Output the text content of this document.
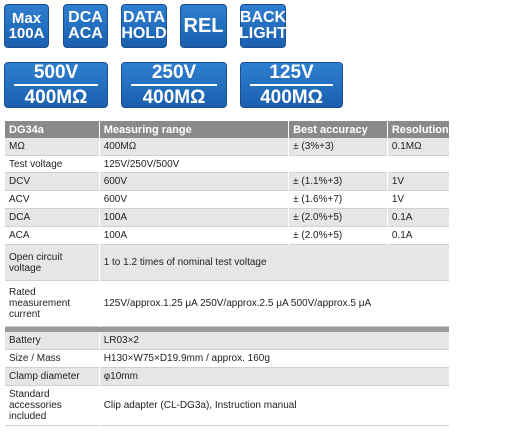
Max
100A
DCA
ACA
DATA
HOLD REL BACK
LIGHT
500V
400MΩ
250V
400MΩ
125V
400MΩ
DG34a	Measuring range	Best accuracy	Resolution
MΩ	400MΩ	± (3%+3)	0.1MΩ
Test voltage	125V/250V/500V		
DCV	600V	± (1.1%+3)	1V
ACV	600V	± (1.6%+7)	1V
DCA	100A	± (2.0%+5)	0.1A
ACA	100A	± (2.0%+5)	0.1A
Open circuit voltage	1 to 1.2 times of nominal test voltage		
Rated measurement current	125V/approx.1.25 μA 250V/approx.2.5 μA 500V/approx.5 μA		

Battery	LR03×2		
Size / Mass	H130×W75×D19.9mm / approx. 160g		
Clamp diameter	φ10mm		
Standard accessories included	Clip adapter (CL-DG3a), Instruction manual		
